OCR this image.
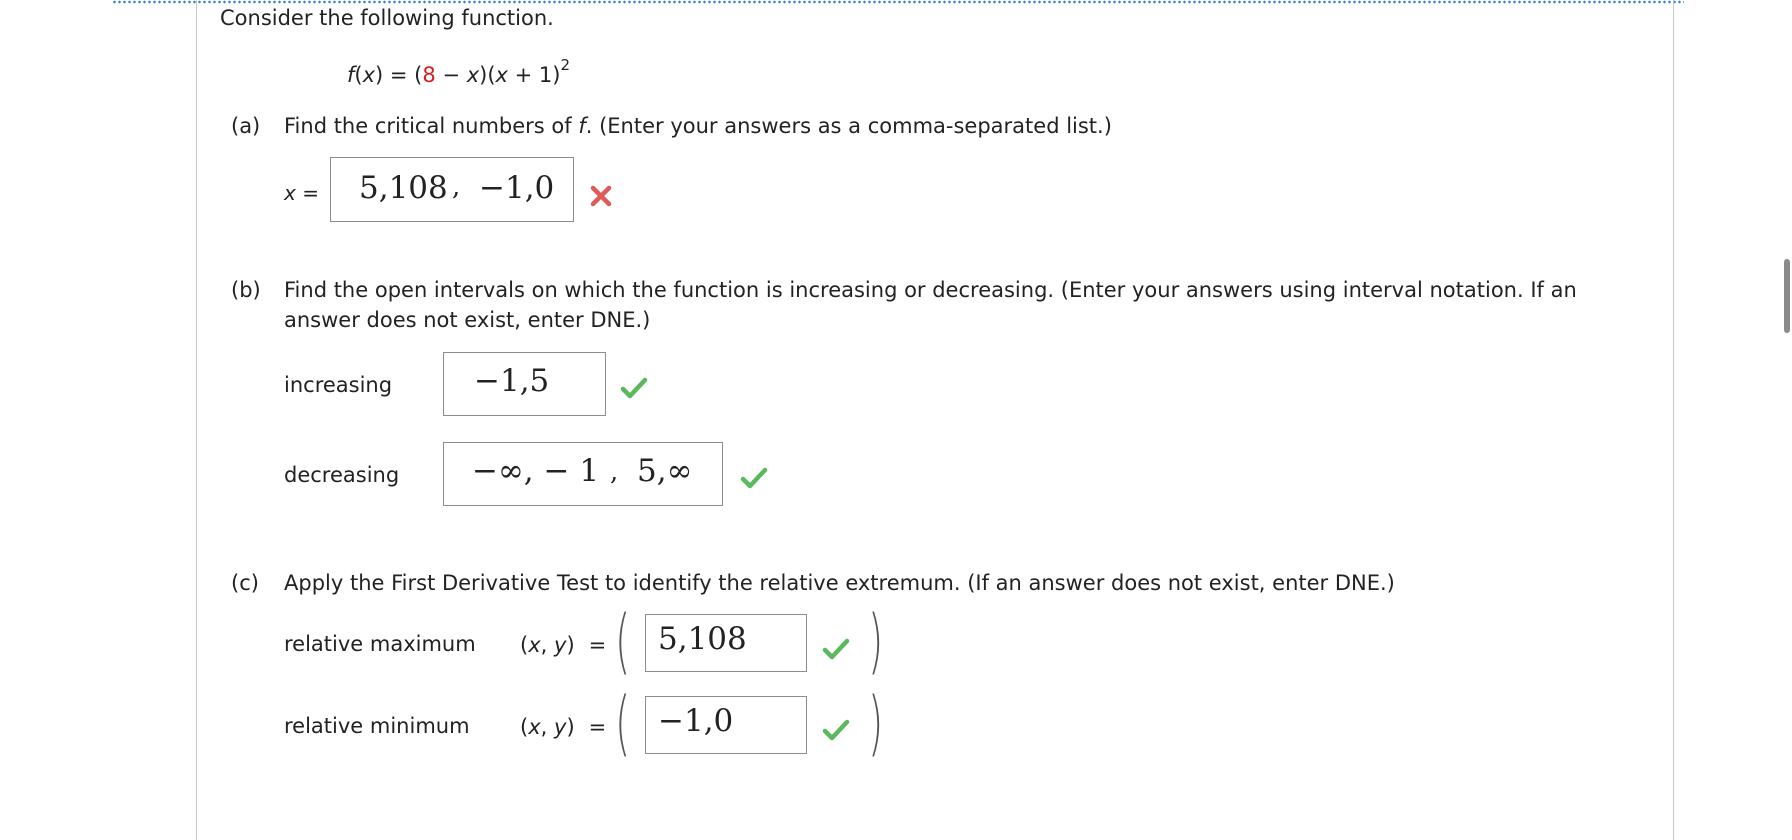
Consider the following function.
$f(x) = (8 - x)(x + 1)^2$
(a) Find the critical numbers of f. (Enter your answers as a comma-separated list.)
x = 5,108 , −1,0
(b) Find the open intervals on which the function is increasing or decreasing. (Enter your answers using interval notation. If an
answer does not exist, enter DNE.)
increasing	−1,5
decreasing −∞, − 1 , 5,∞
(c) Apply the First Derivative Test to identify the relative extremum. (If an answer does not exist, enter DNE.)
relative maximum (x, y) = ( 5,108 )
relative minimum (x, y) = ( −1,0 )
